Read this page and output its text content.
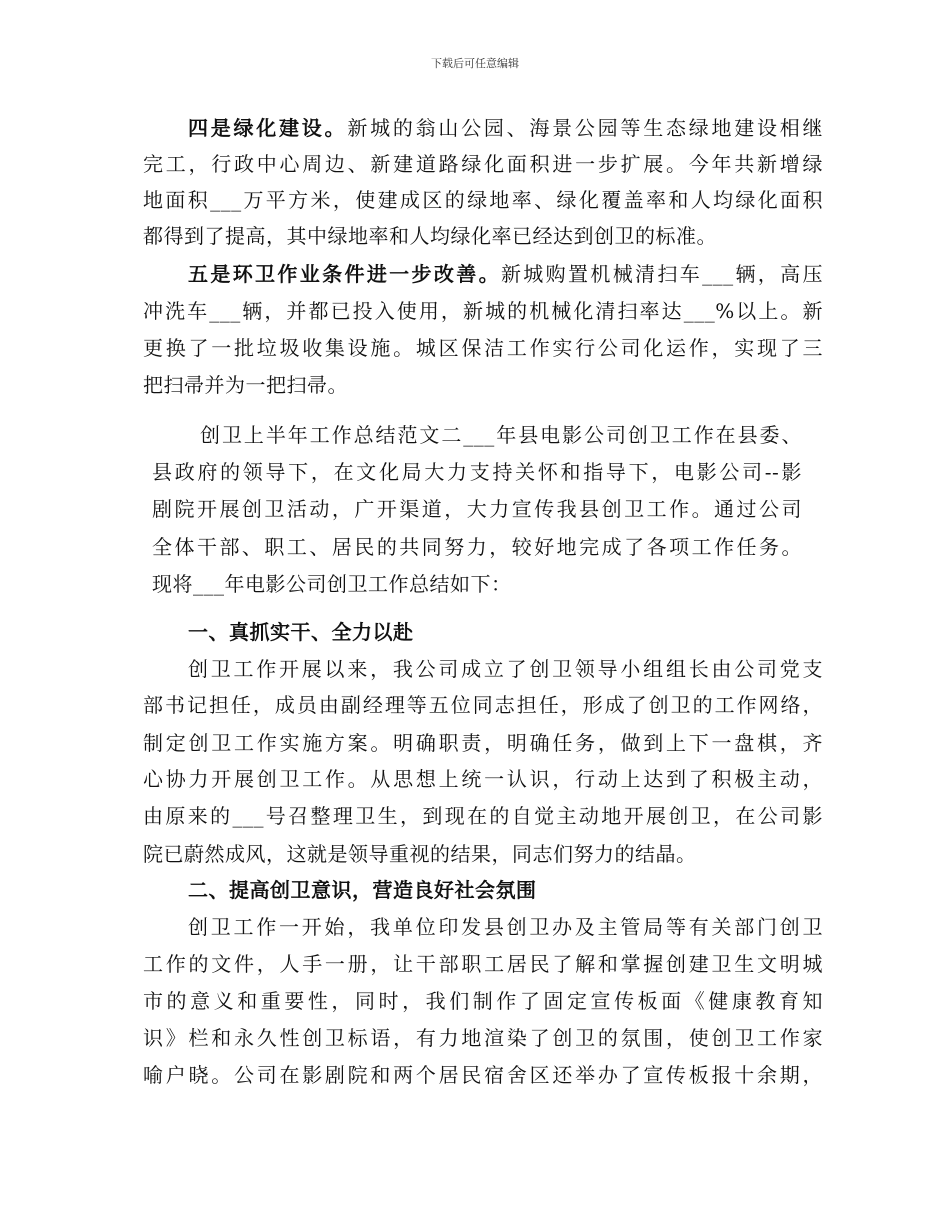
下载后可任意编辑
四是绿化建设。新城的翁山公园、海景公园等生态绿地建设相继
完工，行政中心周边、新建道路绿化面积进一步扩展。今年共新增绿
地面积___万平方米，使建成区的绿地率、绿化覆盖率和人均绿化面积
都得到了提高，其中绿地率和人均绿化率已经达到创卫的标准。
五是环卫作业条件进一步改善。新城购置机械清扫车___辆，高压
冲洗车___辆，并都已投入使用，新城的机械化清扫率达___%以上。新
更换了一批垃圾收集设施。城区保洁工作实行公司化运作，实现了三
把扫帚并为一把扫帚。
创卫上半年工作总结范文二___年县电影公司创卫工作在县委、
县政府的领导下，在文化局大力支持关怀和指导下，电影公司--影
剧院开展创卫活动，广开渠道，大力宣传我县创卫工作。通过公司
全体干部、职工、居民的共同努力，较好地完成了各项工作任务。
现将___年电影公司创卫工作总结如下：
一、真抓实干、全力以赴
创卫工作开展以来，我公司成立了创卫领导小组组长由公司党支
部书记担任，成员由副经理等五位同志担任，形成了创卫的工作网络，
制定创卫工作实施方案。明确职责，明确任务，做到上下一盘棋，齐
心协力开展创卫工作。从思想上统一认识，行动上达到了积极主动，
由原来的___号召整理卫生，到现在的自觉主动地开展创卫，在公司影
院已蔚然成风，这就是领导重视的结果，同志们努力的结晶。
二、提高创卫意识，营造良好社会氛围
创卫工作一开始，我单位印发县创卫办及主管局等有关部门创卫
工作的文件，人手一册，让干部职工居民了解和掌握创建卫生文明城
市的意义和重要性，同时，我们制作了固定宣传板面《健康教育知
识》栏和永久性创卫标语，有力地渲染了创卫的氛围，使创卫工作家
喻户晓。公司在影剧院和两个居民宿舍区还举办了宣传板报十余期，
